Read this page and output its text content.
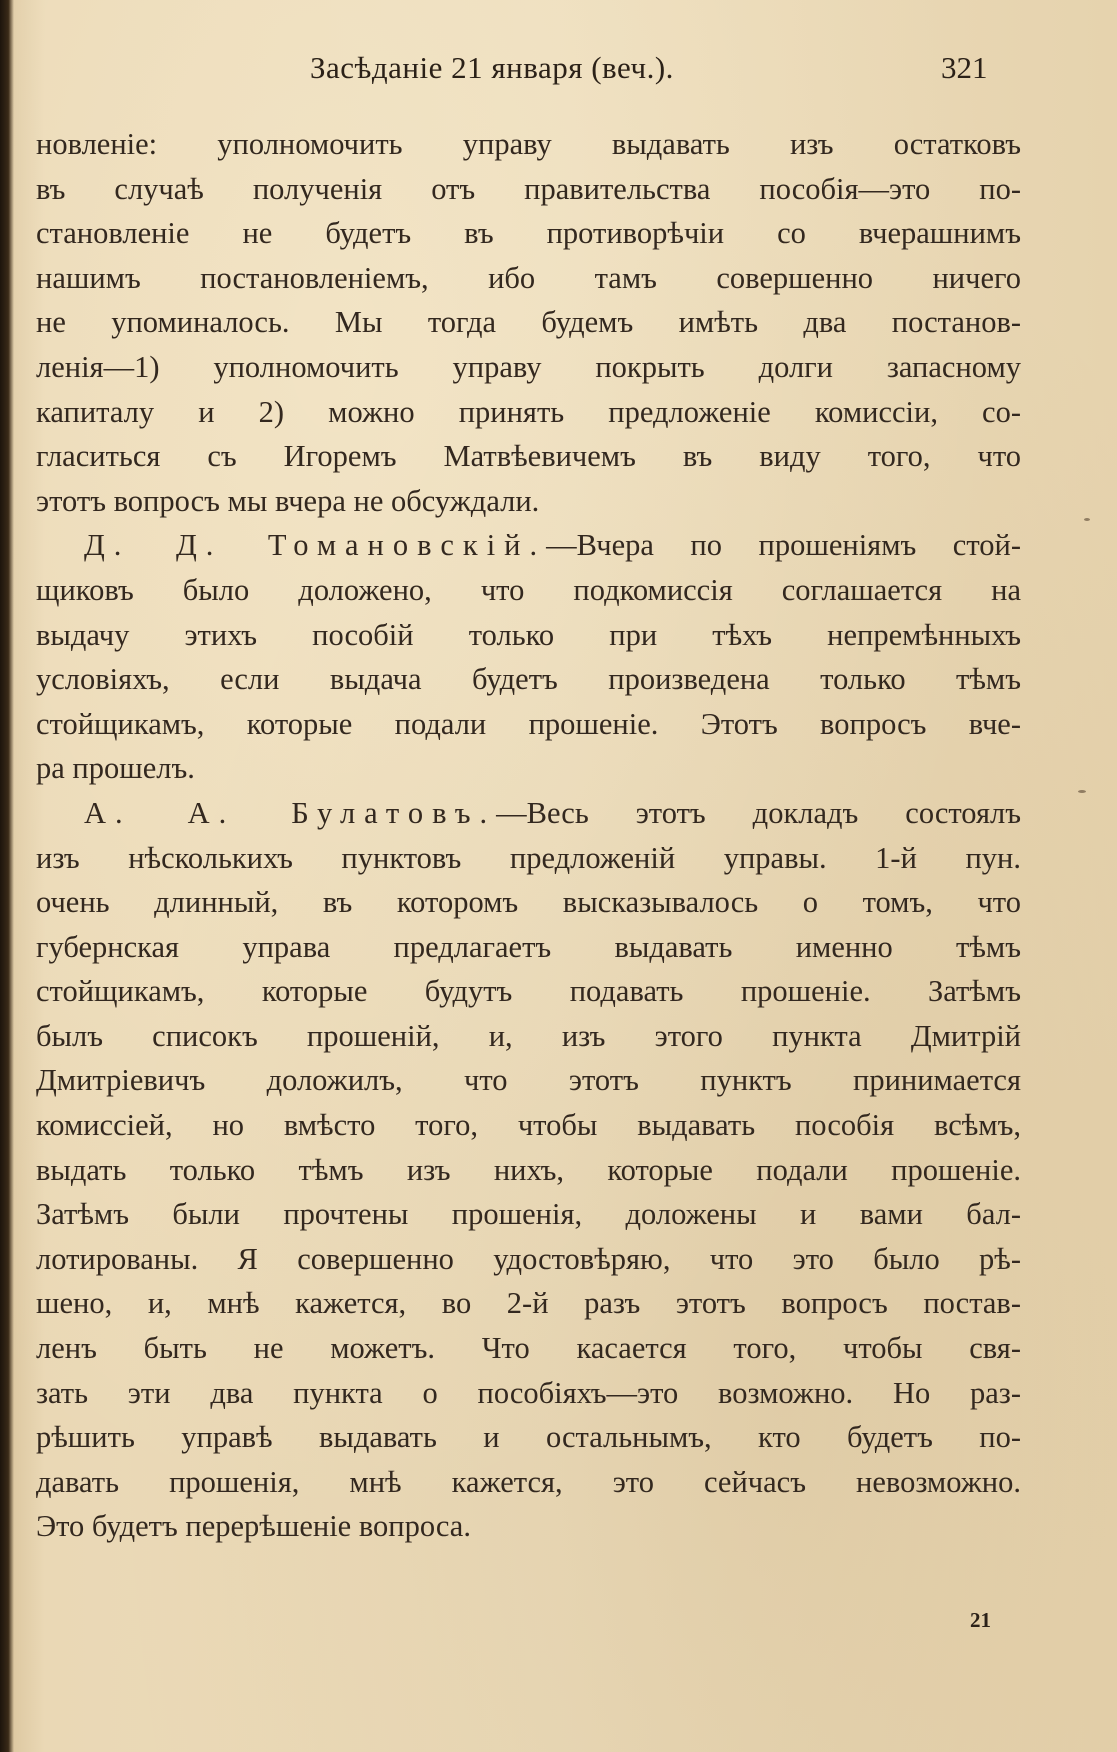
Засѣданіе 21 января (веч.).	321
новленіе: уполномочить управу выдавать изъ остатковъ
въ случаѣ полученія отъ правительства пособія—это по-
становленіе не будетъ въ противорѣчіи со вчерашнимъ
нашимъ постановленіемъ, ибо тамъ совершенно ничего
не упоминалось. Мы тогда будемъ имѣть два постанов-
ленія—1) уполномочить управу покрыть долги запасному
капиталу и 2) можно принять предложеніе комиссіи, со-
гласиться съ Игоремъ Матвѣевичемъ въ виду того, что
этотъ вопросъ мы вчера не обсуждали.
Д. Д. Томановскій.—Вчера по прошеніямъ стой-
щиковъ было доложено, что подкомиссія соглашается на
выдачу этихъ пособій только при тѣхъ непремѣнныхъ
условіяхъ, если выдача будетъ произведена только тѣмъ
стойщикамъ, которые подали прошеніе. Этотъ вопросъ вче-
ра прошелъ.
А. А. Булатовъ.—Весь этотъ докладъ состоялъ
изъ нѣсколькихъ пунктовъ предложеній управы. 1-й пун.
очень длинный, въ которомъ высказывалось о томъ, что
губернская управа предлагаетъ выдавать именно тѣмъ
стойщикамъ, которые будутъ подавать прошеніе. Затѣмъ
былъ списокъ прошеній, и, изъ этого пункта Дмитрій
Дмитріевичъ доложилъ, что этотъ пунктъ принимается
комиссіей, но вмѣсто того, чтобы выдавать пособія всѣмъ,
выдать только тѣмъ изъ нихъ, которые подали прошеніе.
Затѣмъ были прочтены прошенія, доложены и вами бал-
лотированы. Я совершенно удостовѣряю, что это было рѣ-
шено, и, мнѣ кажется, во 2-й разъ этотъ вопросъ постав-
ленъ быть не можетъ. Что касается того, чтобы свя-
зать эти два пункта о пособіяхъ—это возможно. Но раз-
рѣшить управѣ выдавать и остальнымъ, кто будетъ по-
давать прошенія, мнѣ кажется, это сейчасъ невозможно.
Это будетъ перерѣшеніе вопроса.
21
